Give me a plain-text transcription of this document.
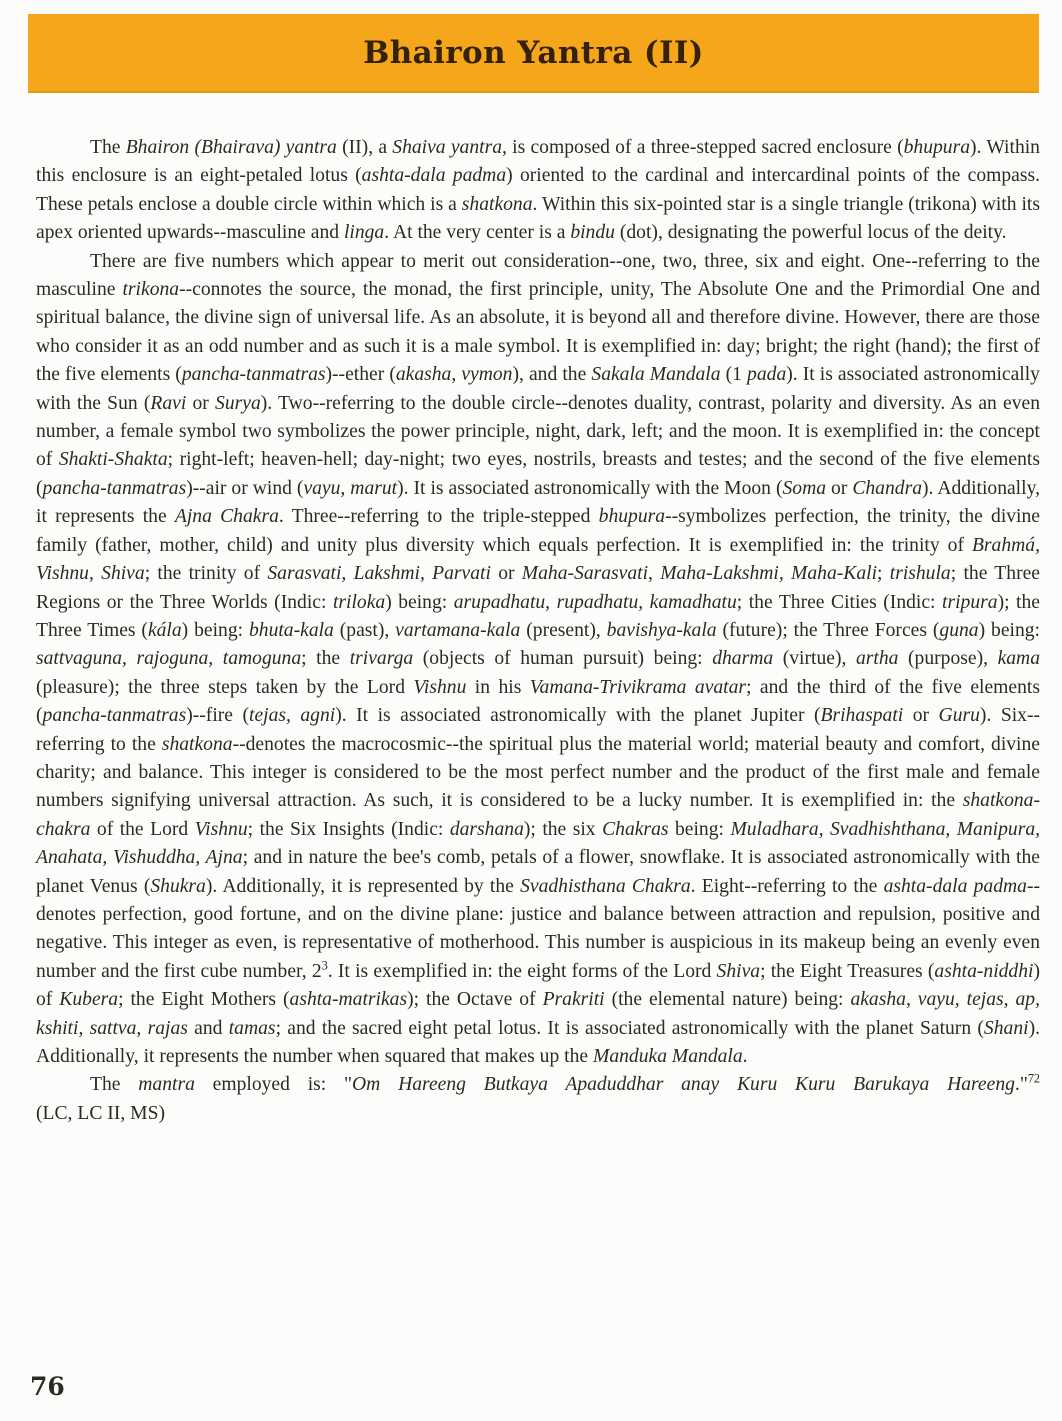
Bhairon Yantra (II)

The Bhairon (Bhairava) yantra (II), a Shaiva yantra, is composed of a three-stepped sacred enclosure (bhupura). Within this enclosure is an eight-petaled lotus (ashta-dala padma) oriented to the cardinal and intercardinal points of the compass. These petals enclose a double circle within which is a shatkona. Within this six-pointed star is a single triangle (trikona) with its apex oriented upwards--masculine and linga. At the very center is a bindu (dot), designating the powerful locus of the deity.

There are five numbers which appear to merit out consideration--one, two, three, six and eight. One--referring to the masculine trikona--connotes the source, the monad, the first principle, unity, The Absolute One and the Primordial One and spiritual balance, the divine sign of universal life. As an absolute, it is beyond all and therefore divine. However, there are those who consider it as an odd number and as such it is a male symbol. It is exemplified in: day; bright; the right (hand); the first of the five elements (pancha-tanmatras)--ether (akasha, vymon), and the Sakala Mandala (1 pada). It is associated astronomically with the Sun (Ravi or Surya). Two--referring to the double circle--denotes duality, contrast, polarity and diversity. As an even number, a female symbol two symbolizes the power principle, night, dark, left; and the moon. It is exemplified in: the concept of Shakti-Shakta; right-left; heaven-hell; day-night; two eyes, nostrils, breasts and testes; and the second of the five elements (pancha-tanmatras)--air or wind (vayu, marut). It is associated astronomically with the Moon (Soma or Chandra). Additionally, it represents the Ajna Chakra. Three--referring to the triple-stepped bhupura--symbolizes perfection, the trinity, the divine family (father, mother, child) and unity plus diversity which equals perfection. It is exemplified in: the trinity of Brahmá, Vishnu, Shiva; the trinity of Sarasvati, Lakshmi, Parvati or Maha-Sarasvati, Maha-Lakshmi, Maha-Kali; trishula; the Three Regions or the Three Worlds (Indic: triloka) being: arupadhatu, rupadhatu, kamadhatu; the Three Cities (Indic: tripura); the Three Times (kála) being: bhuta-kala (past), vartamana-kala (present), bavishya-kala (future); the Three Forces (guna) being: sattvaguna, rajoguna, tamoguna; the trivarga (objects of human pursuit) being: dharma (virtue), artha (purpose), kama (pleasure); the three steps taken by the Lord Vishnu in his Vamana-Trivikrama avatar; and the third of the five elements (pancha-tanmatras)--fire (tejas, agni). It is associated astronomically with the planet Jupiter (Brihaspati or Guru). Six--referring to the shatkona--denotes the macrocosmic--the spiritual plus the material world; material beauty and comfort, divine charity; and balance. This integer is considered to be the most perfect number and the product of the first male and female numbers signifying universal attraction. As such, it is considered to be a lucky number. It is exemplified in: the shatkona-chakra of the Lord Vishnu; the Six Insights (Indic: darshana); the six Chakras being: Muladhara, Svadhishthana, Manipura, Anahata, Vishuddha, Ajna; and in nature the bee's comb, petals of a flower, snowflake. It is associated astronomically with the planet Venus (Shukra). Additionally, it is represented by the Svadhisthana Chakra. Eight--referring to the ashta-dala padma--denotes perfection, good fortune, and on the divine plane: justice and balance between attraction and repulsion, positive and negative. This integer as even, is representative of motherhood. This number is auspicious in its makeup being an evenly even number and the first cube number, $2^3$. It is exemplified in: the eight forms of the Lord Shiva; the Eight Treasures (ashta-niddhi) of Kubera; the Eight Mothers (ashta-matrikas); the Octave of Prakriti (the elemental nature) being: akasha, vayu, tejas, ap, kshiti, sattva, rajas and tamas; and the sacred eight petal lotus. It is associated astronomically with the planet Saturn (Shani). Additionally, it represents the number when squared that makes up the Manduka Mandala.

The mantra employed is: "Om Hareeng Butkaya Apaduddhar anay Kuru Kuru Barukaya Hareeng."$^{72}$

(LC, LC II, MS)

76
